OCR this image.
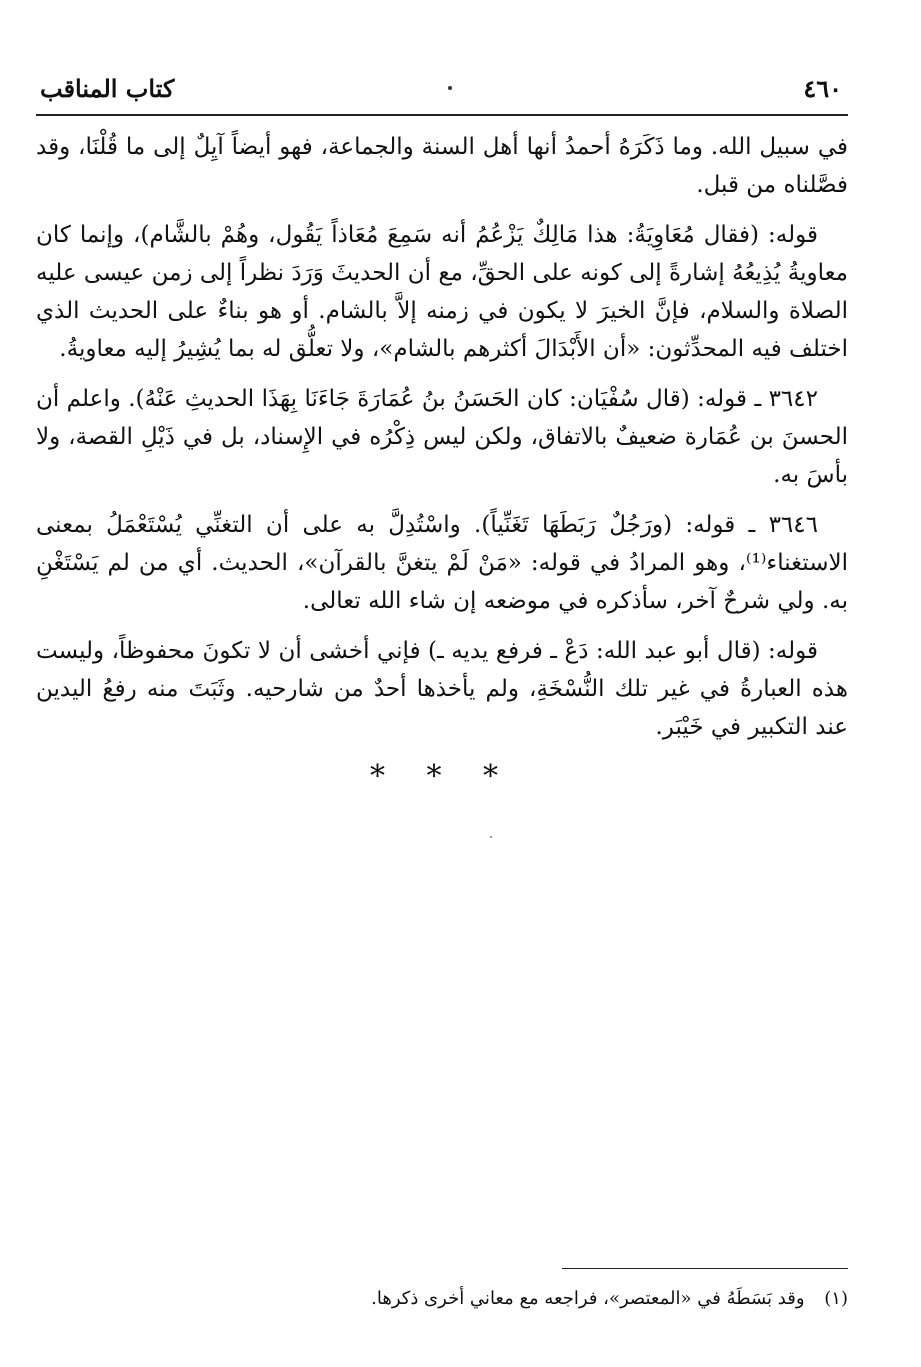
٤٦٠
كتاب المناقب

في سبيل الله. وما ذَكَرَهُ أحمدُ أنها أهل السنة والجماعة، فهو أيضاً آيِلٌ إلى ما قُلْنَا، وقد فصَّلناه من قبل.

قوله: (فقال مُعَاوِيَةُ: هذا مَالِكٌ يَزْعُمُ أنه سَمِعَ مُعَاذاً يَقُول، وهُمْ بالشَّام)، وإنما كان معاويةُ يُذِيعُهُ إشارةً إلى كونه على الحقِّ، مع أن الحديثَ وَرَدَ نظراً إلى زمن عيسى عليه الصلاة والسلام، فإنَّ الخيرَ لا يكون في زمنه إلاَّ بالشام. أو هو بناءٌ على الحديث الذي اختلف فيه المحدِّثون: «أن الأَبْدَالَ أكثرهم بالشام»، ولا تعلُّق له بما يُشِيرُ إليه معاويةُ.

٣٦٤٢ ـ قوله: (قال سُفْيَان: كان الحَسَنُ بنُ عُمَارَةَ جَاءَنَا بِهَذَا الحديثِ عَنْهُ). واعلم أن الحسنَ بن عُمَارة ضعيفٌ بالاتفاق، ولكن ليس ذِكْرُه في الإِسناد، بل في ذَيْلِ القصة، ولا بأسَ به.

٣٦٤٦ ـ قوله: (ورَجُلٌ رَبَطَهَا تَغَنِّياً). واسْتُدِلَّ به على أن التغنِّي يُسْتَعْمَلُ بمعنى الاستغناء⁽¹⁾، وهو المرادُ في قوله: «مَنْ لَمْ يتغنَّ بالقرآن»، الحديث. أي من لم يَسْتَغْنِ به. ولي شرحٌ آخر، سأذكره في موضعه إن شاء الله تعالى.

قوله: (قال أبو عبد الله: دَعْ ـ فرفع يديه ـ) فإني أخشى أن لا تكونَ محفوظاً، وليست هذه العبارةُ في غير تلك النُّسْخَةِ، ولم يأخذها أحدٌ من شارحيه. وثَبَتَ منه رفعُ اليدين عند التكبير في خَيْبَر.

* * *
(١) وقد بَسَطَهُ في «المعتصر»، فراجعه مع معاني أخرى ذكرها.
